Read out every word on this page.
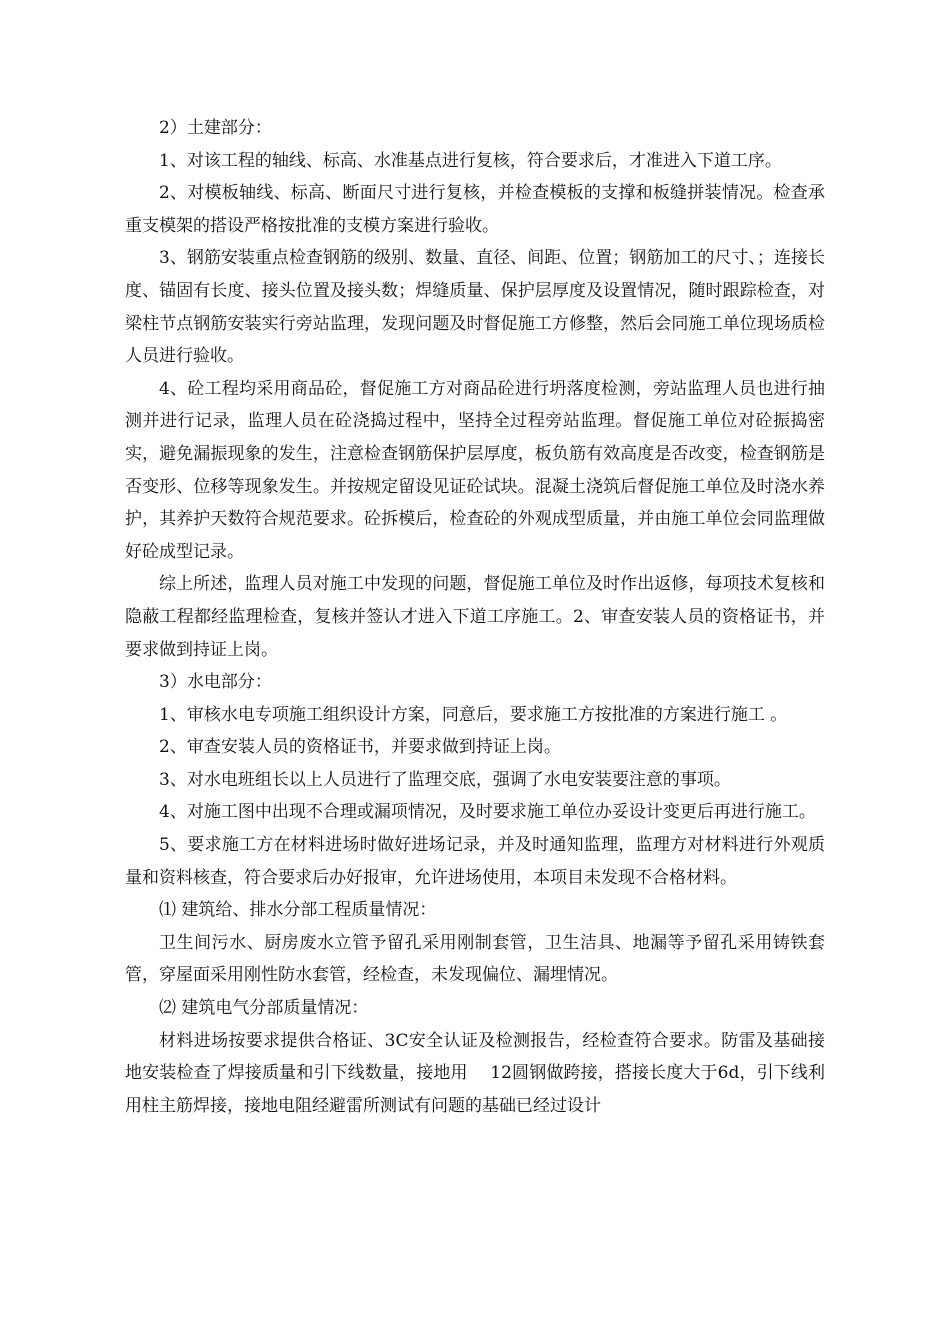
2）土建部分：

1、对该工程的轴线、标高、水准基点进行复核，符合要求后，才准进入下道工序。

2、对模板轴线、标高、断面尺寸进行复核，并检查模板的支撑和板缝拼装情况。检查承重支模架的搭设严格按批准的支模方案进行验收。

3、钢筋安装重点检查钢筋的级别、数量、直径、间距、位置；钢筋加工的尺寸、；连接长度、锚固有长度、接头位置及接头数；焊缝质量、保护层厚度及设置情况，随时跟踪检查，对梁柱节点钢筋安装实行旁站监理，发现问题及时督促施工方修整，然后会同施工单位现场质检人员进行验收。

4、砼工程均采用商品砼，督促施工方对商品砼进行坍落度检测，旁站监理人员也进行抽测并进行记录，监理人员在砼浇捣过程中，坚持全过程旁站监理。督促施工单位对砼振捣密实，避免漏振现象的发生，注意检查钢筋保护层厚度，板负筋有效高度是否改变，检查钢筋是否变形、位移等现象发生。并按规定留设见证砼试块。混凝土浇筑后督促施工单位及时浇水养护，其养护天数符合规范要求。砼拆模后，检查砼的外观成型质量，并由施工单位会同监理做好砼成型记录。

综上所述，监理人员对施工中发现的问题，督促施工单位及时作出返修，每项技术复核和隐蔽工程都经监理检查，复核并签认才进入下道工序施工。2、审查安装人员的资格证书，并要求做到持证上岗。

3）水电部分：

1、审核水电专项施工组织设计方案，同意后，要求施工方按批准的方案进行施工 。

2、审查安装人员的资格证书，并要求做到持证上岗。

3、对水电班组长以上人员进行了监理交底，强调了水电安装要注意的事项。

4、对施工图中出现不合理或漏项情况，及时要求施工单位办妥设计变更后再进行施工。

5、要求施工方在材料进场时做好进场记录，并及时通知监理，监理方对材料进行外观质量和资料核查，符合要求后办好报审，允许进场使用，本项目未发现不合格材料。

⑴ 建筑给、排水分部工程质量情况：

卫生间污水、厨房废水立管予留孔采用刚制套管，卫生洁具、地漏等予留孔采用铸铁套管，穿屋面采用刚性防水套管，经检查，未发现偏位、漏埋情况。

⑵ 建筑电气分部质量情况：

材料进场按要求提供合格证、3C安全认证及检测报告，经检查符合要求。防雷及基础接地安装检查了焊接质量和引下线数量，接地用　 12圆钢做跨接，搭接长度大于6d，引下线利用柱主筋焊接，接地电阻经避雷所测试有问题的基础已经过设计
